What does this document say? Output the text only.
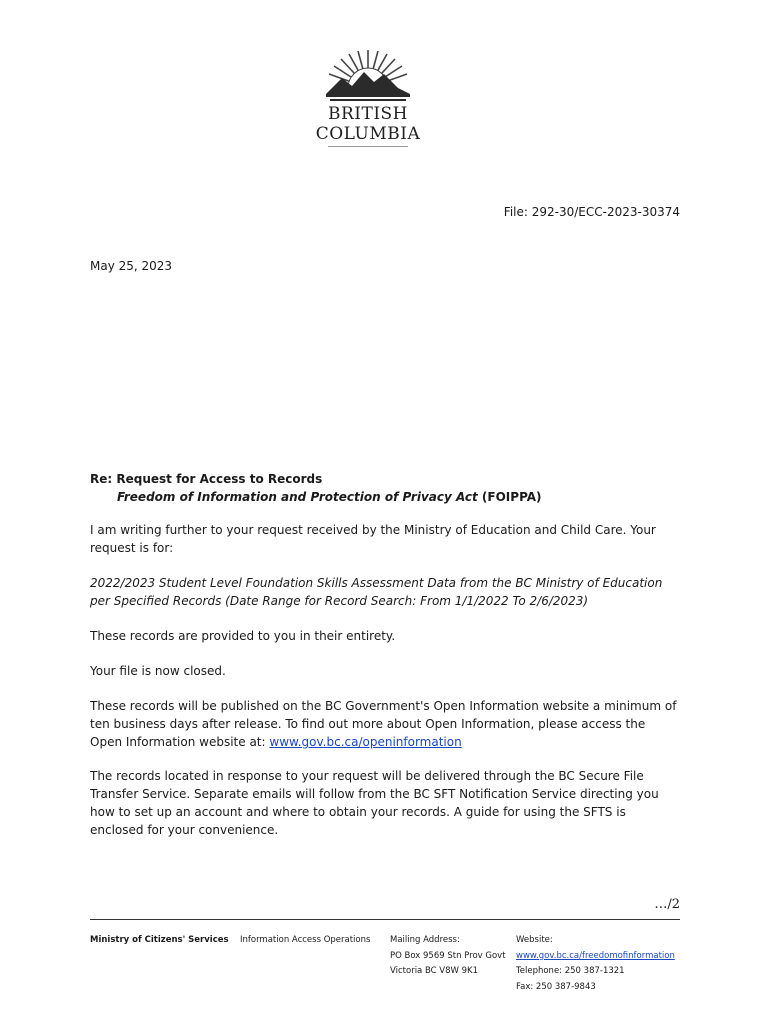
BRITISH
COLUMBIA
File: 292-30/ECC-2023-30374
May 25, 2023
Re: Request for Access to Records
Freedom of Information and Protection of Privacy Act (FOIPPA)
I am writing further to your request received by the Ministry of Education and Child Care. Your request is for:
2022/2023 Student Level Foundation Skills Assessment Data from the BC Ministry of Education per Specified Records (Date Range for Record Search: From 1/1/2022 To 2/6/2023)
These records are provided to you in their entirety.
Your file is now closed.
These records will be published on the BC Government's Open Information website a minimum of ten business days after release. To find out more about Open Information, please access the Open Information website at: www.gov.bc.ca/openinformation
The records located in response to your request will be delivered through the BC Secure File Transfer Service. Separate emails will follow from the BC SFT Notification Service directing you how to set up an account and where to obtain your records. A guide for using the SFTS is enclosed for your convenience.
…/2
Ministry of Citizens' Services Information Access Operations Mailing Address:
PO Box 9569 Stn Prov Govt
Victoria BC V8W 9K1
Website:
www.gov.bc.ca/freedomofinformation
Telephone: 250 387-1321
Fax: 250 387-9843
